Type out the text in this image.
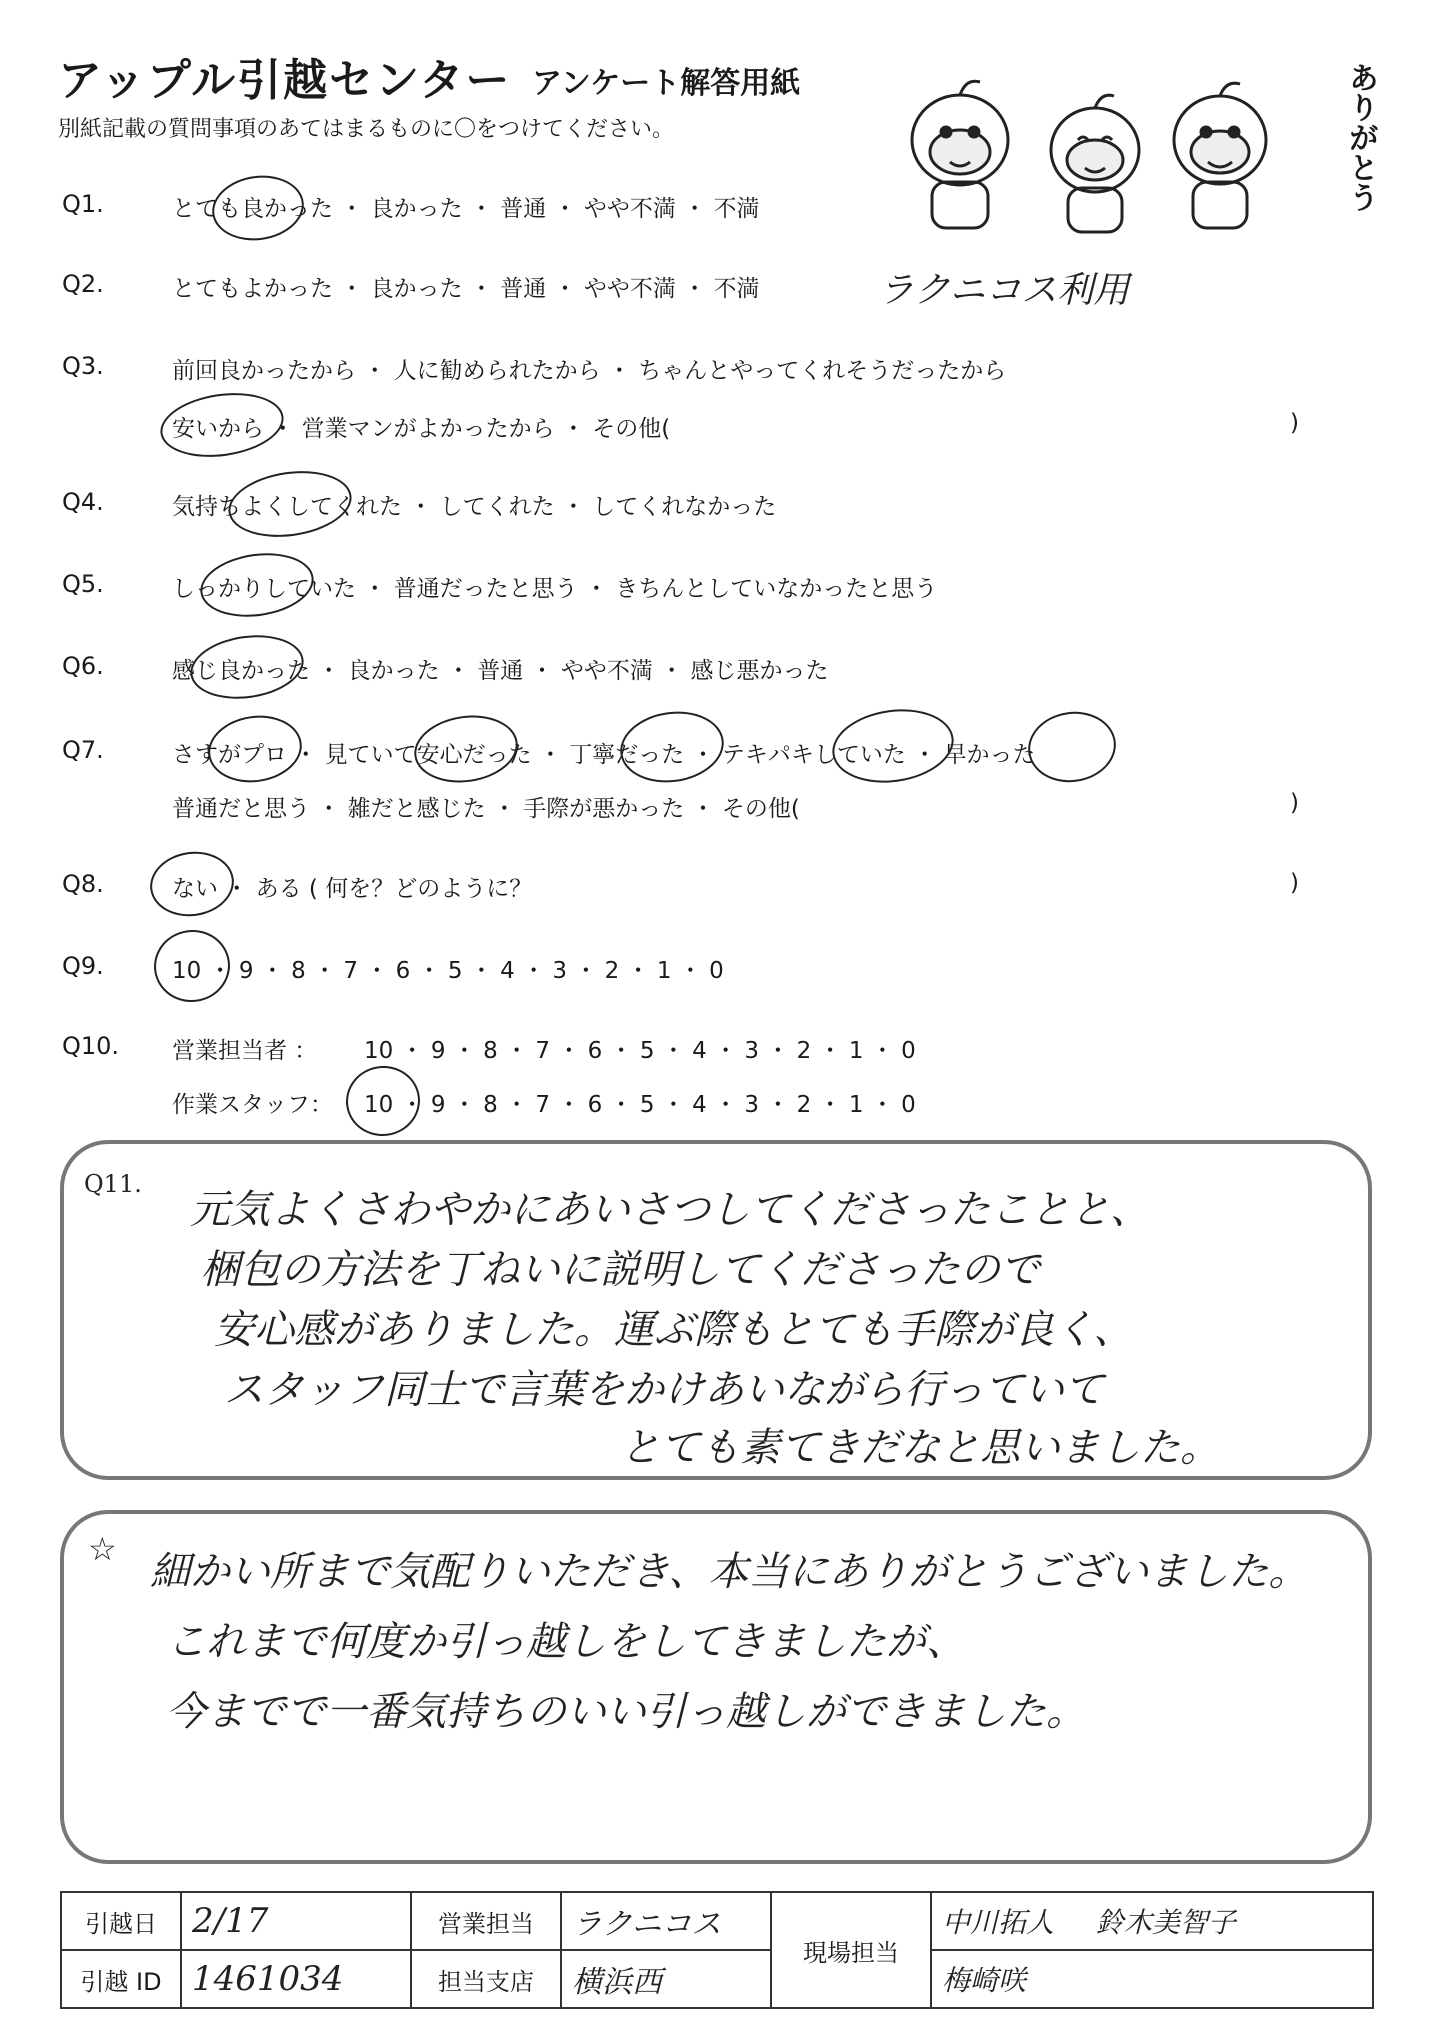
アップル引越センター アンケート解答用紙
別紙記載の質問事項のあてはまるものに〇をつけてください。	ありがとう
Q1.	とても良かった ・ 良かった ・ 普通 ・ やや不満 ・ 不満
Q2.	とてもよかった ・ 良かった ・ 普通 ・ やや不満 ・ 不満	ラクニコス利用
Q3.	前回良かったから ・ 人に勧められたから ・ ちゃんとやってくれそうだったから
安いから ・ 営業マンがよかったから ・ その他(	)
Q4.	気持ちよくしてくれた ・ してくれた ・ してくれなかった
Q5.	しっかりしていた ・ 普通だったと思う ・ きちんとしていなかったと思う
Q6.	感じ良かった ・ 良かった ・ 普通 ・ やや不満 ・ 感じ悪かった
Q7.	さすがプロ ・ 見ていて安心だった ・ 丁寧だった ・ テキパキしていた ・ 早かった
普通だと思う ・ 雑だと感じた ・ 手際が悪かった ・ その他(	)
Q8.	ない ・ ある ( 何を？どのように？	)
Q9.	10 ・ 9 ・ 8 ・ 7 ・ 6 ・ 5 ・ 4 ・ 3 ・ 2 ・ 1 ・ 0
Q10. 営業担当者 ： 10 ・ 9 ・ 8 ・ 7 ・ 6 ・ 5 ・ 4 ・ 3 ・ 2 ・ 1 ・ 0
作業スタッフ： 10 ・ 9 ・ 8 ・ 7 ・ 6 ・ 5 ・ 4 ・ 3 ・ 2 ・ 1 ・ 0
Q11.
元気よくさわやかにあいさつしてくださったことと、
梱包の方法を丁ねいに説明してくださったので
安心感がありました。運ぶ際もとても手際が良く、
スタッフ同士で言葉をかけあいながら行っていて
とても素てきだなと思いました。
☆ 細かい所まで気配りいただき、本当にありがとうございました。
これまで何度か引っ越しをしてきましたが、
今までで一番気持ちのいい引っ越しができました。
引越日	2/17	営業担当	ラクニコス	現場担当	中川拓人 鈴木美智子
引越 ID	1461034	担当支店	横浜西		梅崎咲
